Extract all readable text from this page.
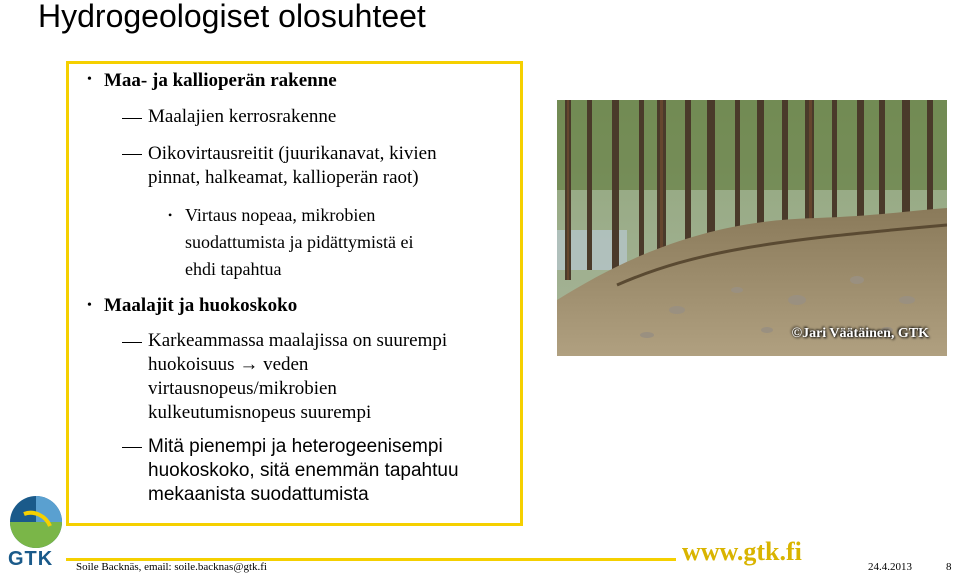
Hydrogeologiset olosuhteet
• Maa- ja kallioperän rakenne
Maalajien kerrosrakenne
Oikovirtausreitit (juurikanavat, kivien
pinnat, halkeamat, kallioperän raot)
• Virtaus nopeaa, mikrobien
suodattumista ja pidättymistä ei
ehdi tapahtua
• Maalajit ja huokoskoko
Karkeammassa maalajissa on suurempi
huokoisuus → veden
virtausnopeus/mikrobien
kulkeutumisnopeus suurempi
Mitä pienempi ja heterogeenisempi
huokoskoko, sitä enemmän tapahtuu
mekaanista suodattumista
©Jari Väätäinen, GTK
GTK	www.gtk.fi
Soile Backnäs, email: soile.backnas@gtk.fi	24.4.2013	8
